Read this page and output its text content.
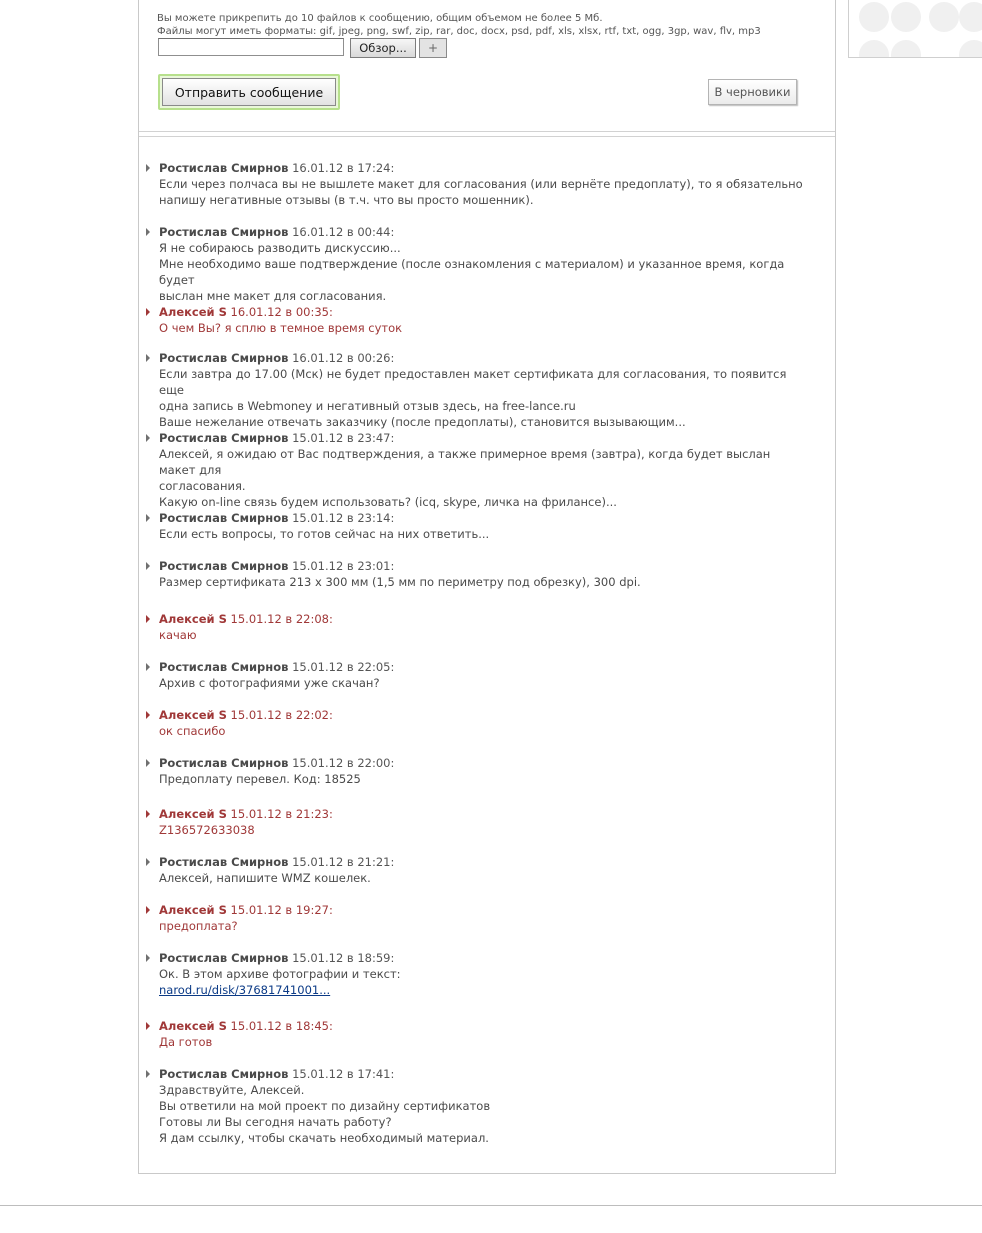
Вы можете прикрепить до 10 файлов к сообщению, общим объемом не более 5 Мб.
Файлы могут иметь форматы: gif, jpeg, png, swf, zip, rar, doc, docx, psd, pdf, xls, xlsx, rtf, txt, ogg, 3gp, wav, flv, mp3
Обзор...	+
Отправить сообщение	В черновики
Ростислав Смирнов 16.01.12 в 17:24:
Если через полчаса вы не вышлете макет для согласования (или вернёте предоплату), то я обязательно
напишу негативные отзывы (в т.ч. что вы просто мошенник).
Ростислав Смирнов 16.01.12 в 00:44:
Я не собираюсь разводить дискуссию...
Мне необходимо ваше подтверждение (после ознакомления с материалом) и указанное время, когда будет
выслан мне макет для согласования.
Алексей S 16.01.12 в 00:35:
О чем Вы? я сплю в темное время суток
Ростислав Смирнов 16.01.12 в 00:26:
Если завтра до 17.00 (Мск) не будет предоставлен макет сертификата для согласования, то появится еще
одна запись в Webmoney и негативный отзыв здесь, на free-lance.ru
Ваше нежелание отвечать заказчику (после предоплаты), становится вызывающим...
Ростислав Смирнов 15.01.12 в 23:47:
Алексей, я ожидаю от Вас подтверждения, а также примерное время (завтра), когда будет выслан макет для
согласования.
Какую on-line связь будем использовать? (icq, skype, личка на фрилансе)...
Ростислав Смирнов 15.01.12 в 23:14:
Если есть вопросы, то готов сейчас на них ответить...
Ростислав Смирнов 15.01.12 в 23:01:
Размер сертификата 213 х 300 мм (1,5 мм по периметру под обрезку), 300 dpi.
Алексей S 15.01.12 в 22:08:
качаю
Ростислав Смирнов 15.01.12 в 22:05:
Архив с фотографиями уже скачан?
Алексей S 15.01.12 в 22:02:
ок спасибо
Ростислав Смирнов 15.01.12 в 22:00:
Предоплату перевел. Код: 18525
Алексей S 15.01.12 в 21:23:
Z136572633038
Ростислав Смирнов 15.01.12 в 21:21:
Алексей, напишите WMZ кошелек.
Алексей S 15.01.12 в 19:27:
предоплата?
Ростислав Смирнов 15.01.12 в 18:59:
Ок. В этом архиве фотографии и текст:
narod.ru/disk/37681741001...
Алексей S 15.01.12 в 18:45:
Да готов
Ростислав Смирнов 15.01.12 в 17:41:
Здравствуйте, Алексей.
Вы ответили на мой проект по дизайну сертификатов
Готовы ли Вы сегодня начать работу?
Я дам ссылку, чтобы скачать необходимый материал.
